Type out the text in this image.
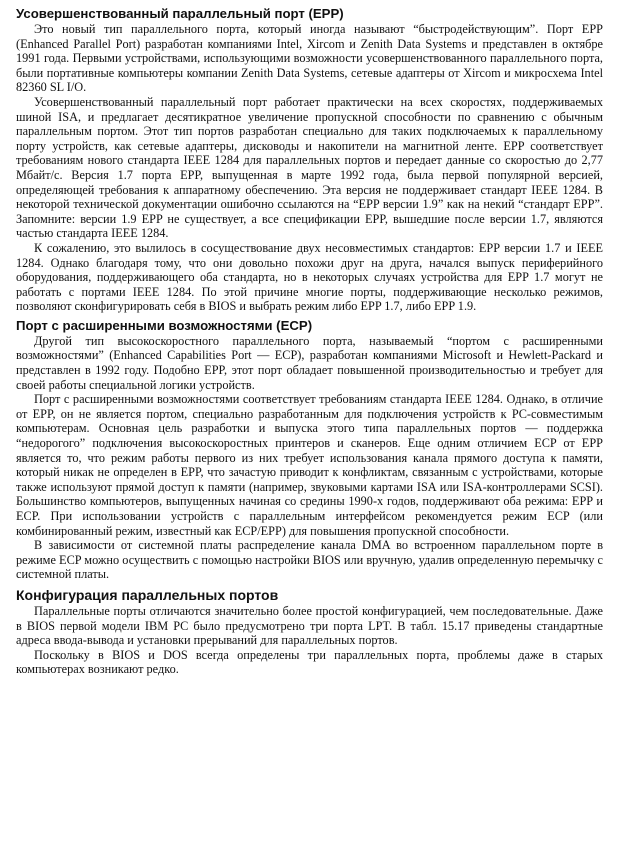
Усовершенствованный параллельный порт (EPP)

Это новый тип параллельного порта, который иногда называют “быстродействующим”. Порт EPP (Enhanced Parallel Port) разработан компаниями Intel, Xircom и Zenith Data Systems и представлен в октябре 1991 года. Первыми устройствами, использующими возможности усовершенствованного параллельного порта, были портативные компьютеры компании Zenith Data Systems, сетевые адаптеры от Xircom и микросхема Intel 82360 SL I/O.

Усовершенствованный параллельный порт работает практически на всех скоростях, поддерживаемых шиной ISA, и предлагает десятикратное увеличение пропускной способности по сравнению с обычным параллельным портом. Этот тип портов разработан специально для таких подключаемых к параллельному порту устройств, как сетевые адаптеры, дисководы и накопители на магнитной ленте. EPP соответствует требованиям нового стандарта IEEE 1284 для параллельных портов и передает данные со скоростью до 2,77 Мбайт/с. Версия 1.7 порта EPP, выпущенная в марте 1992 года, была первой популярной версией, определяющей требования к аппаратному обеспечению. Эта версия не поддерживает стандарт IEEE 1284. В некоторой технической документации ошибочно ссылаются на “EPP версии 1.9” как на некий “стандарт EPP”. Запомните: версии 1.9 EPP не существует, а все спецификации EPP, вышедшие после версии 1.7, являются частью стандарта IEEE 1284.

К сожалению, это вылилось в сосуществование двух несовместимых стандартов: EPP версии 1.7 и IEEE 1284. Однако благодаря тому, что они довольно похожи друг на друга, начался выпуск периферийного оборудования, поддерживающего оба стандарта, но в некоторых случаях устройства для EPP 1.7 могут не работать с портами IEEE 1284. По этой причине многие порты, поддерживающие несколько режимов, позволяют сконфигурировать себя в BIOS и выбрать режим либо EPP 1.7, либо EPP 1.9.

Порт с расширенными возможностями (ECP)

Другой тип высокоскоростного параллельного порта, называемый “портом с расширенными возможностями” (Enhanced Capabilities Port — ECP), разработан компаниями Microsoft и Hewlett-Packard и представлен в 1992 году. Подобно EPP, этот порт обладает повышенной производительностью и требует для своей работы специальной логики устройств.

Порт с расширенными возможностями соответствует требованиям стандарта IEEE 1284. Однако, в отличие от EPP, он не является портом, специально разработанным для подключения устройств к PC-совместимым компьютерам. Основная цель разработки и выпуска этого типа параллельных портов — поддержка “недорогого” подключения высокоскоростных принтеров и сканеров. Еще одним отличием ECP от EPP является то, что режим работы первого из них требует использования канала прямого доступа к памяти, который никак не определен в EPP, что зачастую приводит к конфликтам, связанным с устройствами, которые также используют прямой доступ к памяти (например, звуковыми картами ISA или ISA-контроллерами SCSI). Большинство компьютеров, выпущенных начиная со средины 1990-х годов, поддерживают оба режима: EPP и ECP. При использовании устройств с параллельным интерфейсом рекомендуется режим ECP (или комбинированный режим, известный как ECP/EPP) для повышения пропускной способности.

В зависимости от системной платы распределение канала DMA во встроенном параллельном порте в режиме ECP можно осуществить с помощью настройки BIOS или вручную, удалив определенную перемычку с системной платы.

Конфигурация параллельных портов

Параллельные порты отличаются значительно более простой конфигурацией, чем последовательные. Даже в BIOS первой модели IBM PC было предусмотрено три порта LPT. В табл. 15.17 приведены стандартные адреса ввода-вывода и установки прерываний для параллельных портов.

Поскольку в BIOS и DOS всегда определены три параллельных порта, проблемы даже в старых компьютерах возникают редко.
